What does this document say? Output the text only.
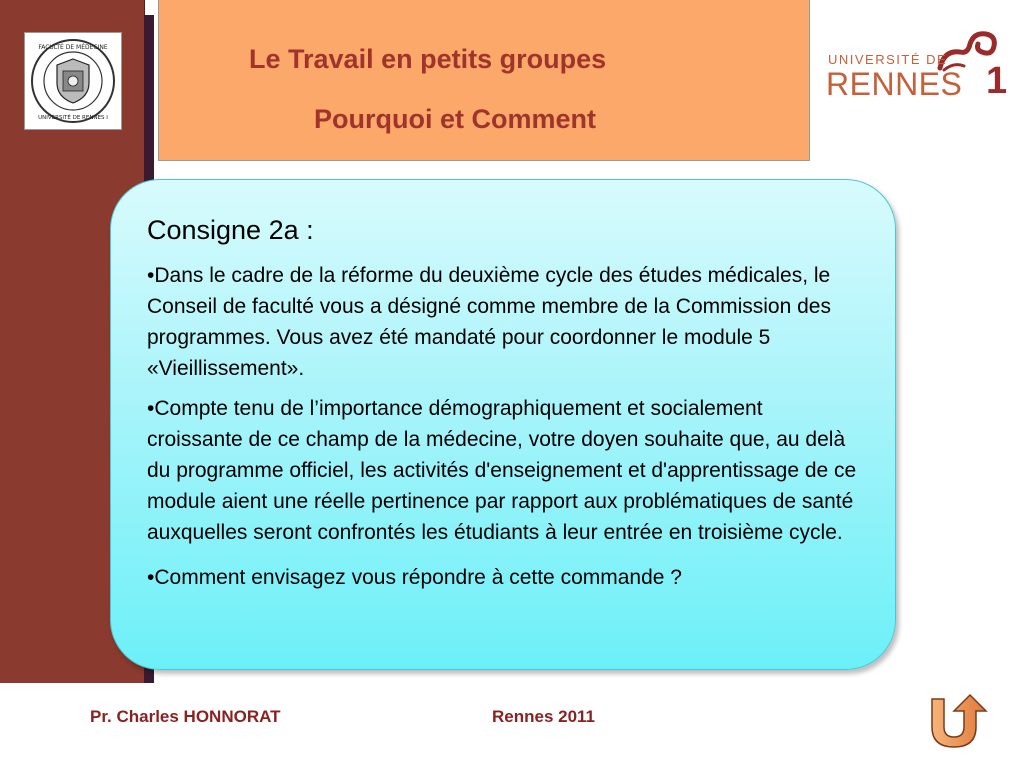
FACULTÉ DE MÉDECINE
UNIVERSITÉ DE RENNES I
Le Travail en petits groupes
Pourquoi et Comment
UNIVERSITÉ DE
RENNES 1
Consigne 2a :

•Dans le cadre de la réforme du deuxième cycle des études médicales, le Conseil de faculté vous a désigné comme membre de la Commission des programmes. Vous avez été mandaté pour coordonner le module 5 «Vieillissement».

•Compte tenu de l’importance démographiquement et socialement croissante de ce champ de la médecine, votre doyen souhaite que, au delà du programme officiel, les activités d'enseignement et d'apprentissage de ce module aient une réelle pertinence par rapport aux problématiques de santé auxquelles seront confrontés les étudiants à leur entrée en troisième cycle.

•Comment envisagez vous répondre à cette commande ?

Pr. Charles HONNORAT	Rennes 2011
